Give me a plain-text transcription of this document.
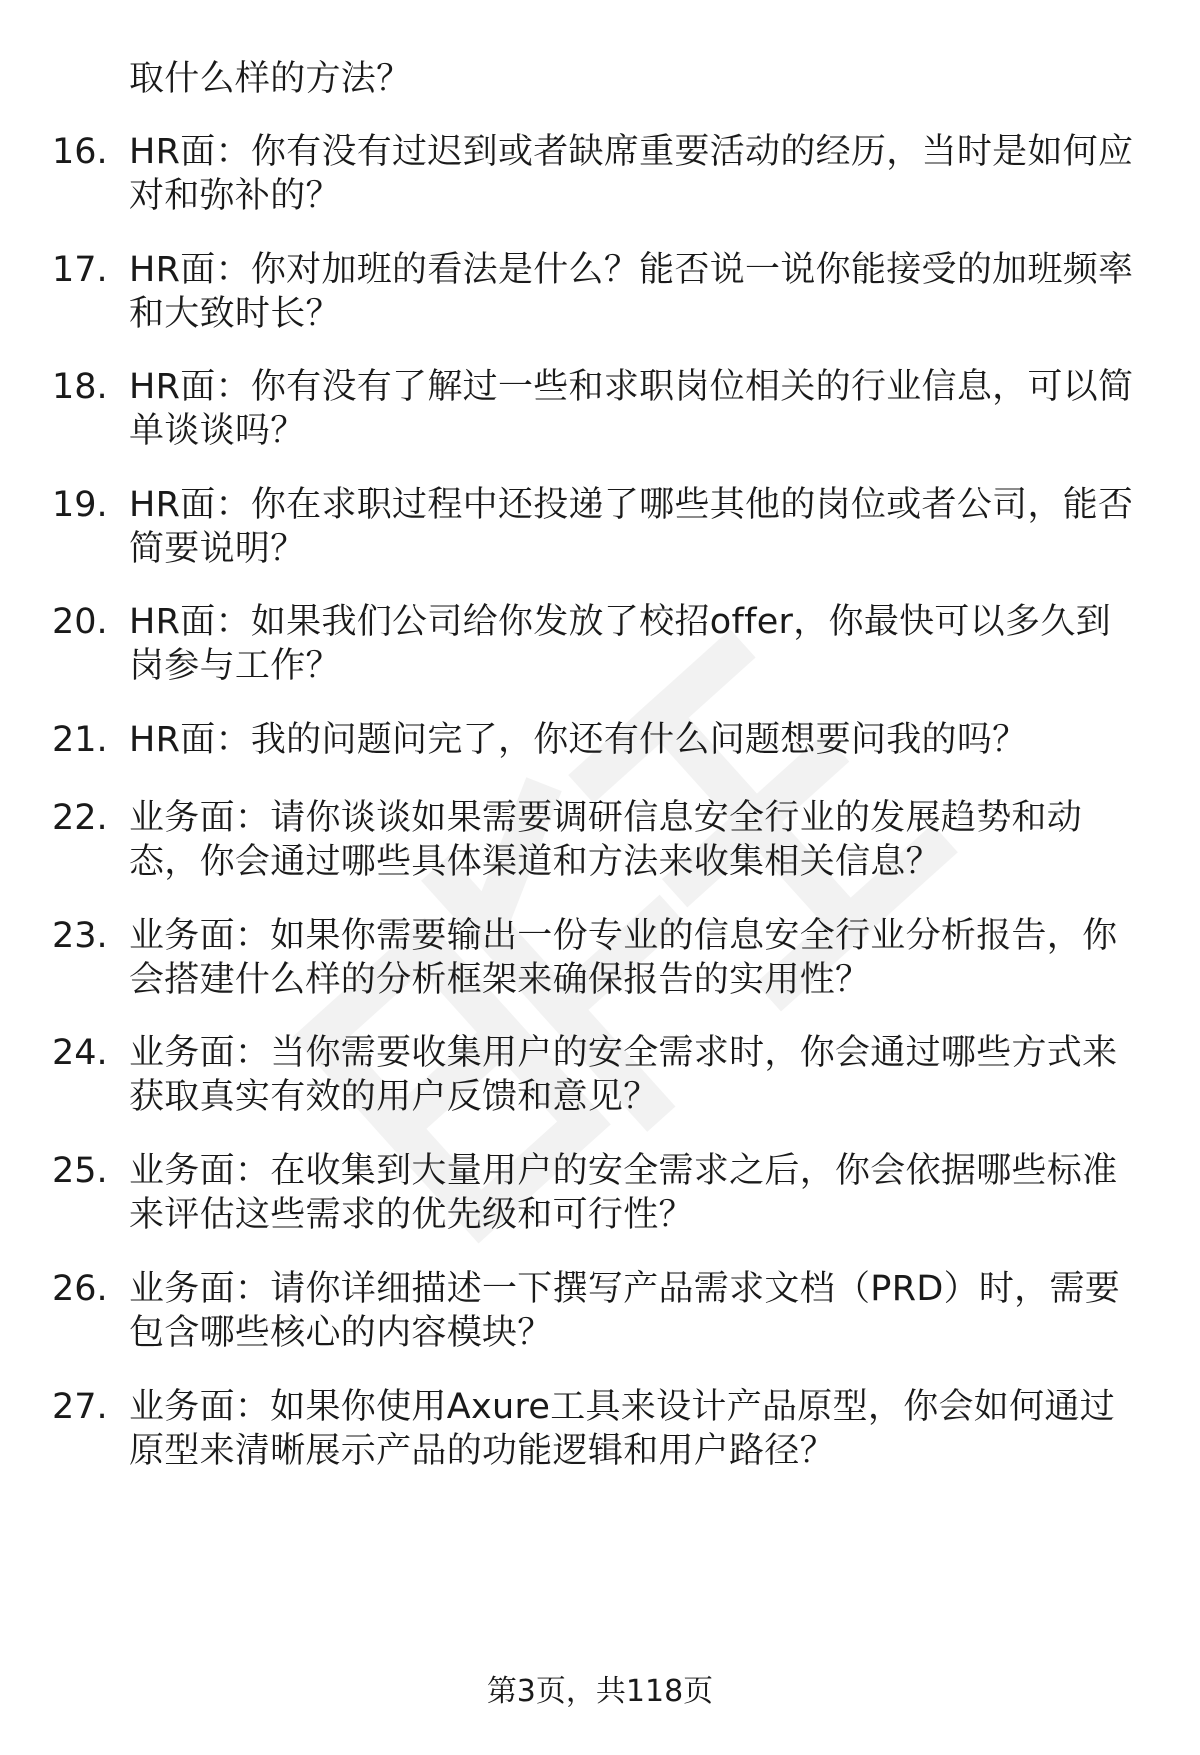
取什么样的方法？
16. HR面：你有没有过迟到或者缺席重要活动的经历，当时是如何应
对和弥补的？
17. HR面：你对加班的看法是什么？能否说一说你能接受的加班频率
和大致时长？
18. HR面：你有没有了解过一些和求职岗位相关的行业信息，可以简
单谈谈吗？
19. HR面：你在求职过程中还投递了哪些其他的岗位或者公司，能否
简要说明？
20. HR面：如果我们公司给你发放了校招offer，你最快可以多久到
岗参与工作？
21. HR面：我的问题问完了，你还有什么问题想要问我的吗？
22. 业务面：请你谈谈如果需要调研信息安全行业的发展趋势和动
态，你会通过哪些具体渠道和方法来收集相关信息？
23. 业务面：如果你需要输出一份专业的信息安全行业分析报告，你
会搭建什么样的分析框架来确保报告的实用性？
24. 业务面：当你需要收集用户的安全需求时，你会通过哪些方式来
获取真实有效的用户反馈和意见？
25. 业务面：在收集到大量用户的安全需求之后，你会依据哪些标准
来评估这些需求的优先级和可行性？
26. 业务面：请你详细描述一下撰写产品需求文档（PRD）时，需要
包含哪些核心的内容模块？
27. 业务面：如果你使用Axure工具来设计产品原型，你会如何通过
原型来清晰展示产品的功能逻辑和用户路径？
第3页，共118页
